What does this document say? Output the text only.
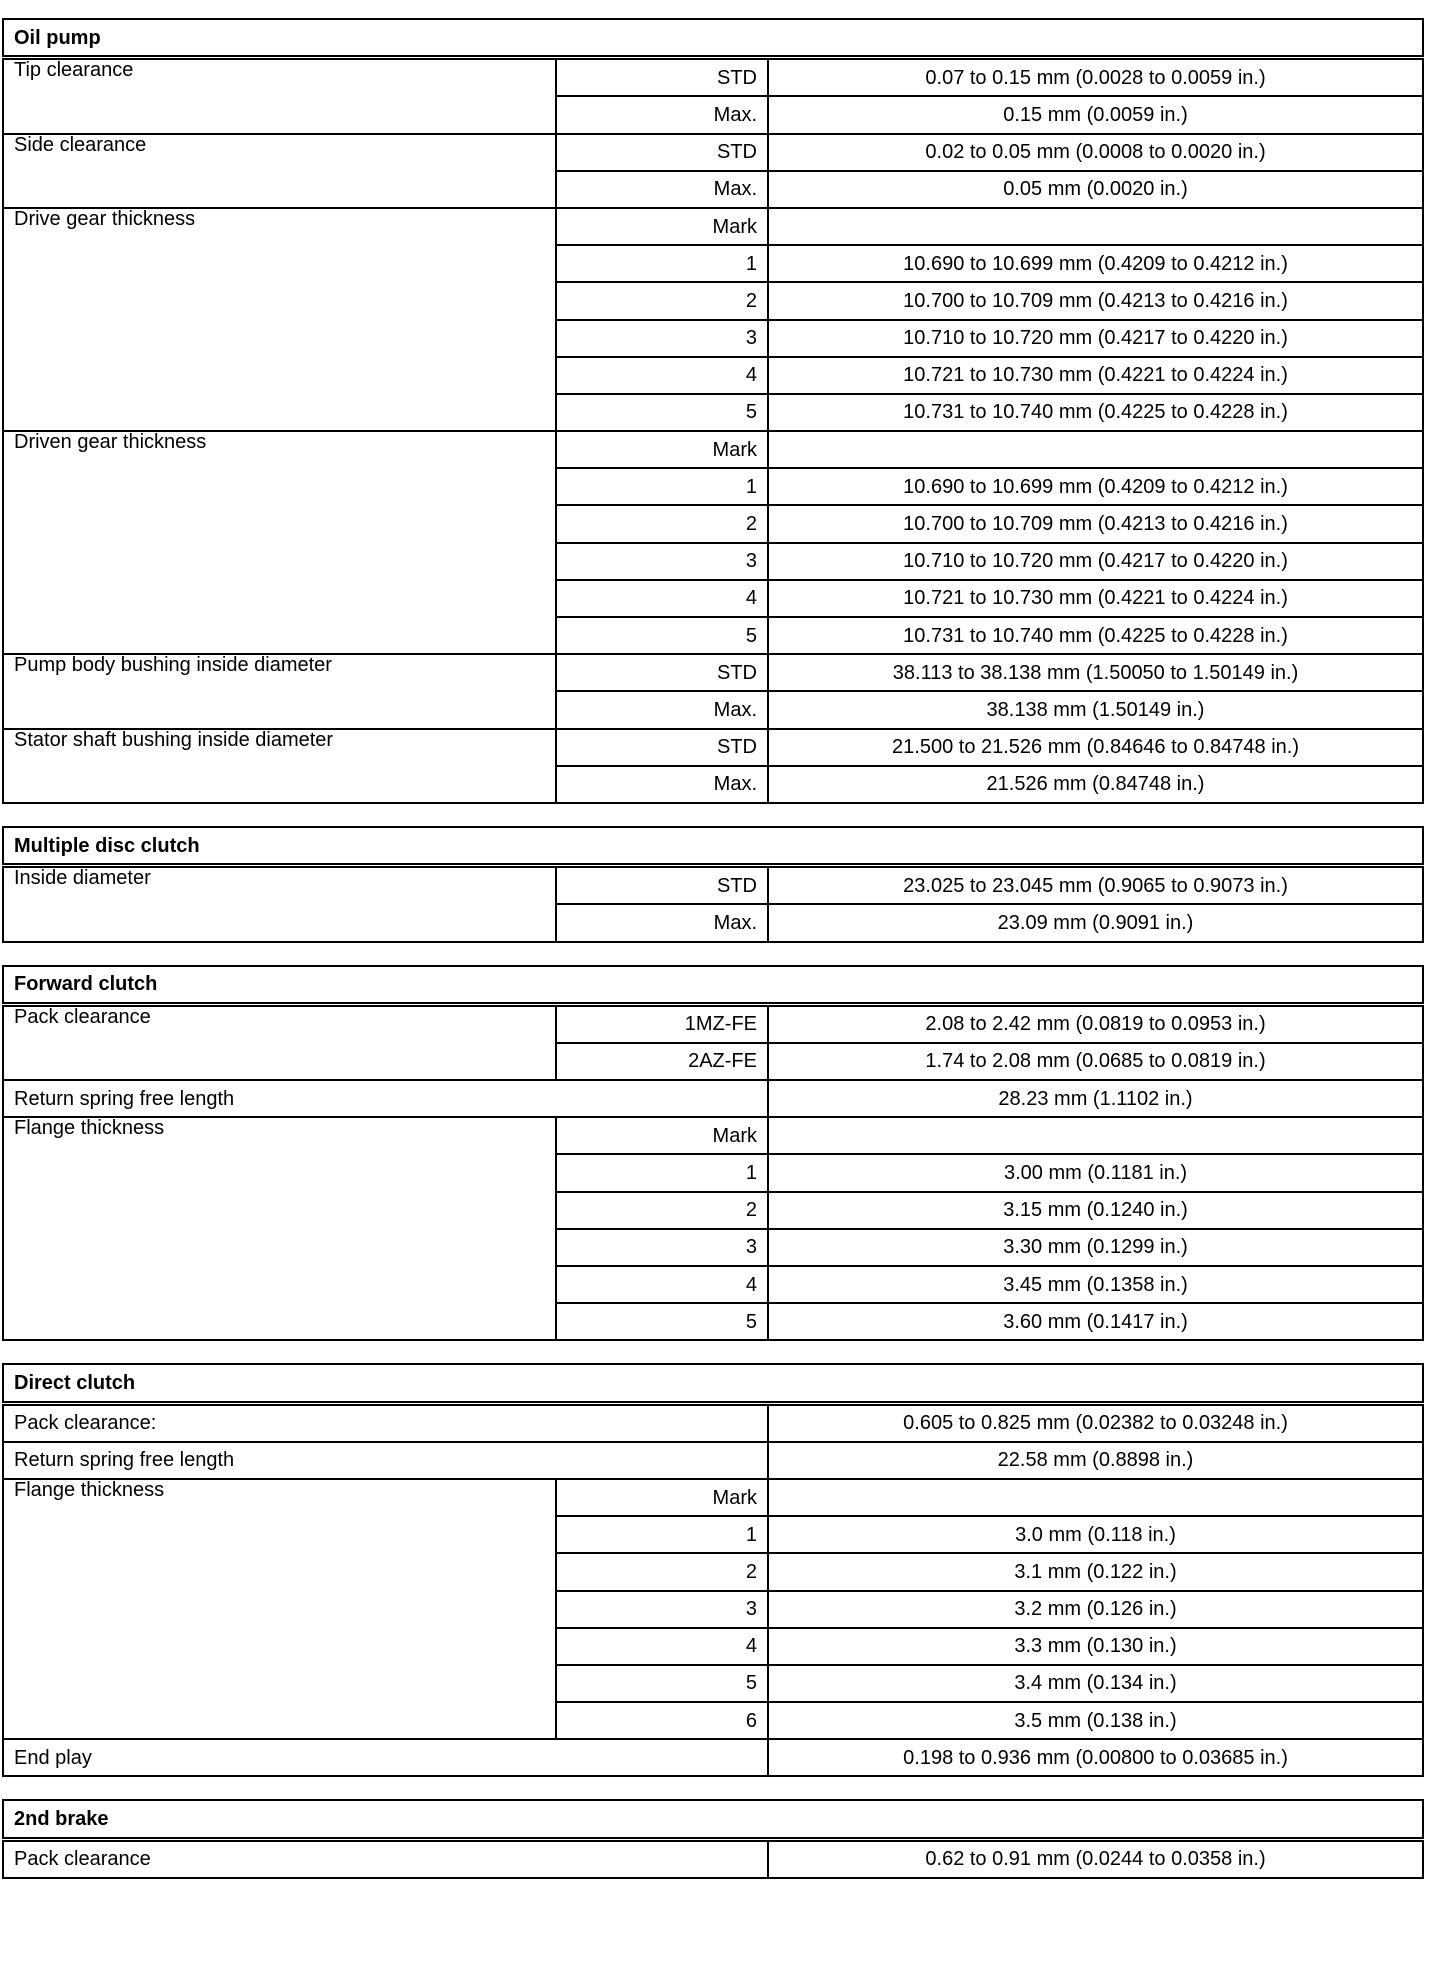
Oil pump		
Tip clearance	STD	0.07 to 0.15 mm (0.0028 to 0.0059 in.)
	Max.	0.15 mm (0.0059 in.)
Side clearance	STD	0.02 to 0.05 mm (0.0008 to 0.0020 in.)
	Max.	0.05 mm (0.0020 in.)
Drive gear thickness	Mark	
	1	10.690 to 10.699 mm (0.4209 to 0.4212 in.)
	2	10.700 to 10.709 mm (0.4213 to 0.4216 in.)
	3	10.710 to 10.720 mm (0.4217 to 0.4220 in.)
	4	10.721 to 10.730 mm (0.4221 to 0.4224 in.)
	5	10.731 to 10.740 mm (0.4225 to 0.4228 in.)
Driven gear thickness	Mark	
	1	10.690 to 10.699 mm (0.4209 to 0.4212 in.)
	2	10.700 to 10.709 mm (0.4213 to 0.4216 in.)
	3	10.710 to 10.720 mm (0.4217 to 0.4220 in.)
	4	10.721 to 10.730 mm (0.4221 to 0.4224 in.)
	5	10.731 to 10.740 mm (0.4225 to 0.4228 in.)
Pump body bushing inside diameter	STD	38.113 to 38.138 mm (1.50050 to 1.50149 in.)
	Max.	38.138 mm (1.50149 in.)
Stator shaft bushing inside diameter	STD	21.500 to 21.526 mm (0.84646 to 0.84748 in.)
	Max.	21.526 mm (0.84748 in.)
Multiple disc clutch		
Inside diameter	STD	23.025 to 23.045 mm (0.9065 to 0.9073 in.)
	Max.	23.09 mm (0.9091 in.)
Forward clutch		
Pack clearance	1MZ-FE	2.08 to 2.42 mm (0.0819 to 0.0953 in.)
	2AZ-FE	1.74 to 2.08 mm (0.0685 to 0.0819 in.)
Return spring free length		28.23 mm (1.1102 in.)
Flange thickness	Mark	
	1	3.00 mm (0.1181 in.)
	2	3.15 mm (0.1240 in.)
	3	3.30 mm (0.1299 in.)
	4	3.45 mm (0.1358 in.)
	5	3.60 mm (0.1417 in.)
Direct clutch		
Pack clearance:		0.605 to 0.825 mm (0.02382 to 0.03248 in.)
Return spring free length		22.58 mm (0.8898 in.)
Flange thickness	Mark	
	1	3.0 mm (0.118 in.)
	2	3.1 mm (0.122 in.)
	3	3.2 mm (0.126 in.)
	4	3.3 mm (0.130 in.)
	5	3.4 mm (0.134 in.)
	6	3.5 mm (0.138 in.)
End play		0.198 to 0.936 mm (0.00800 to 0.03685 in.)
2nd brake
Pack clearance	0.62 to 0.91 mm (0.0244 to 0.0358 in.)
